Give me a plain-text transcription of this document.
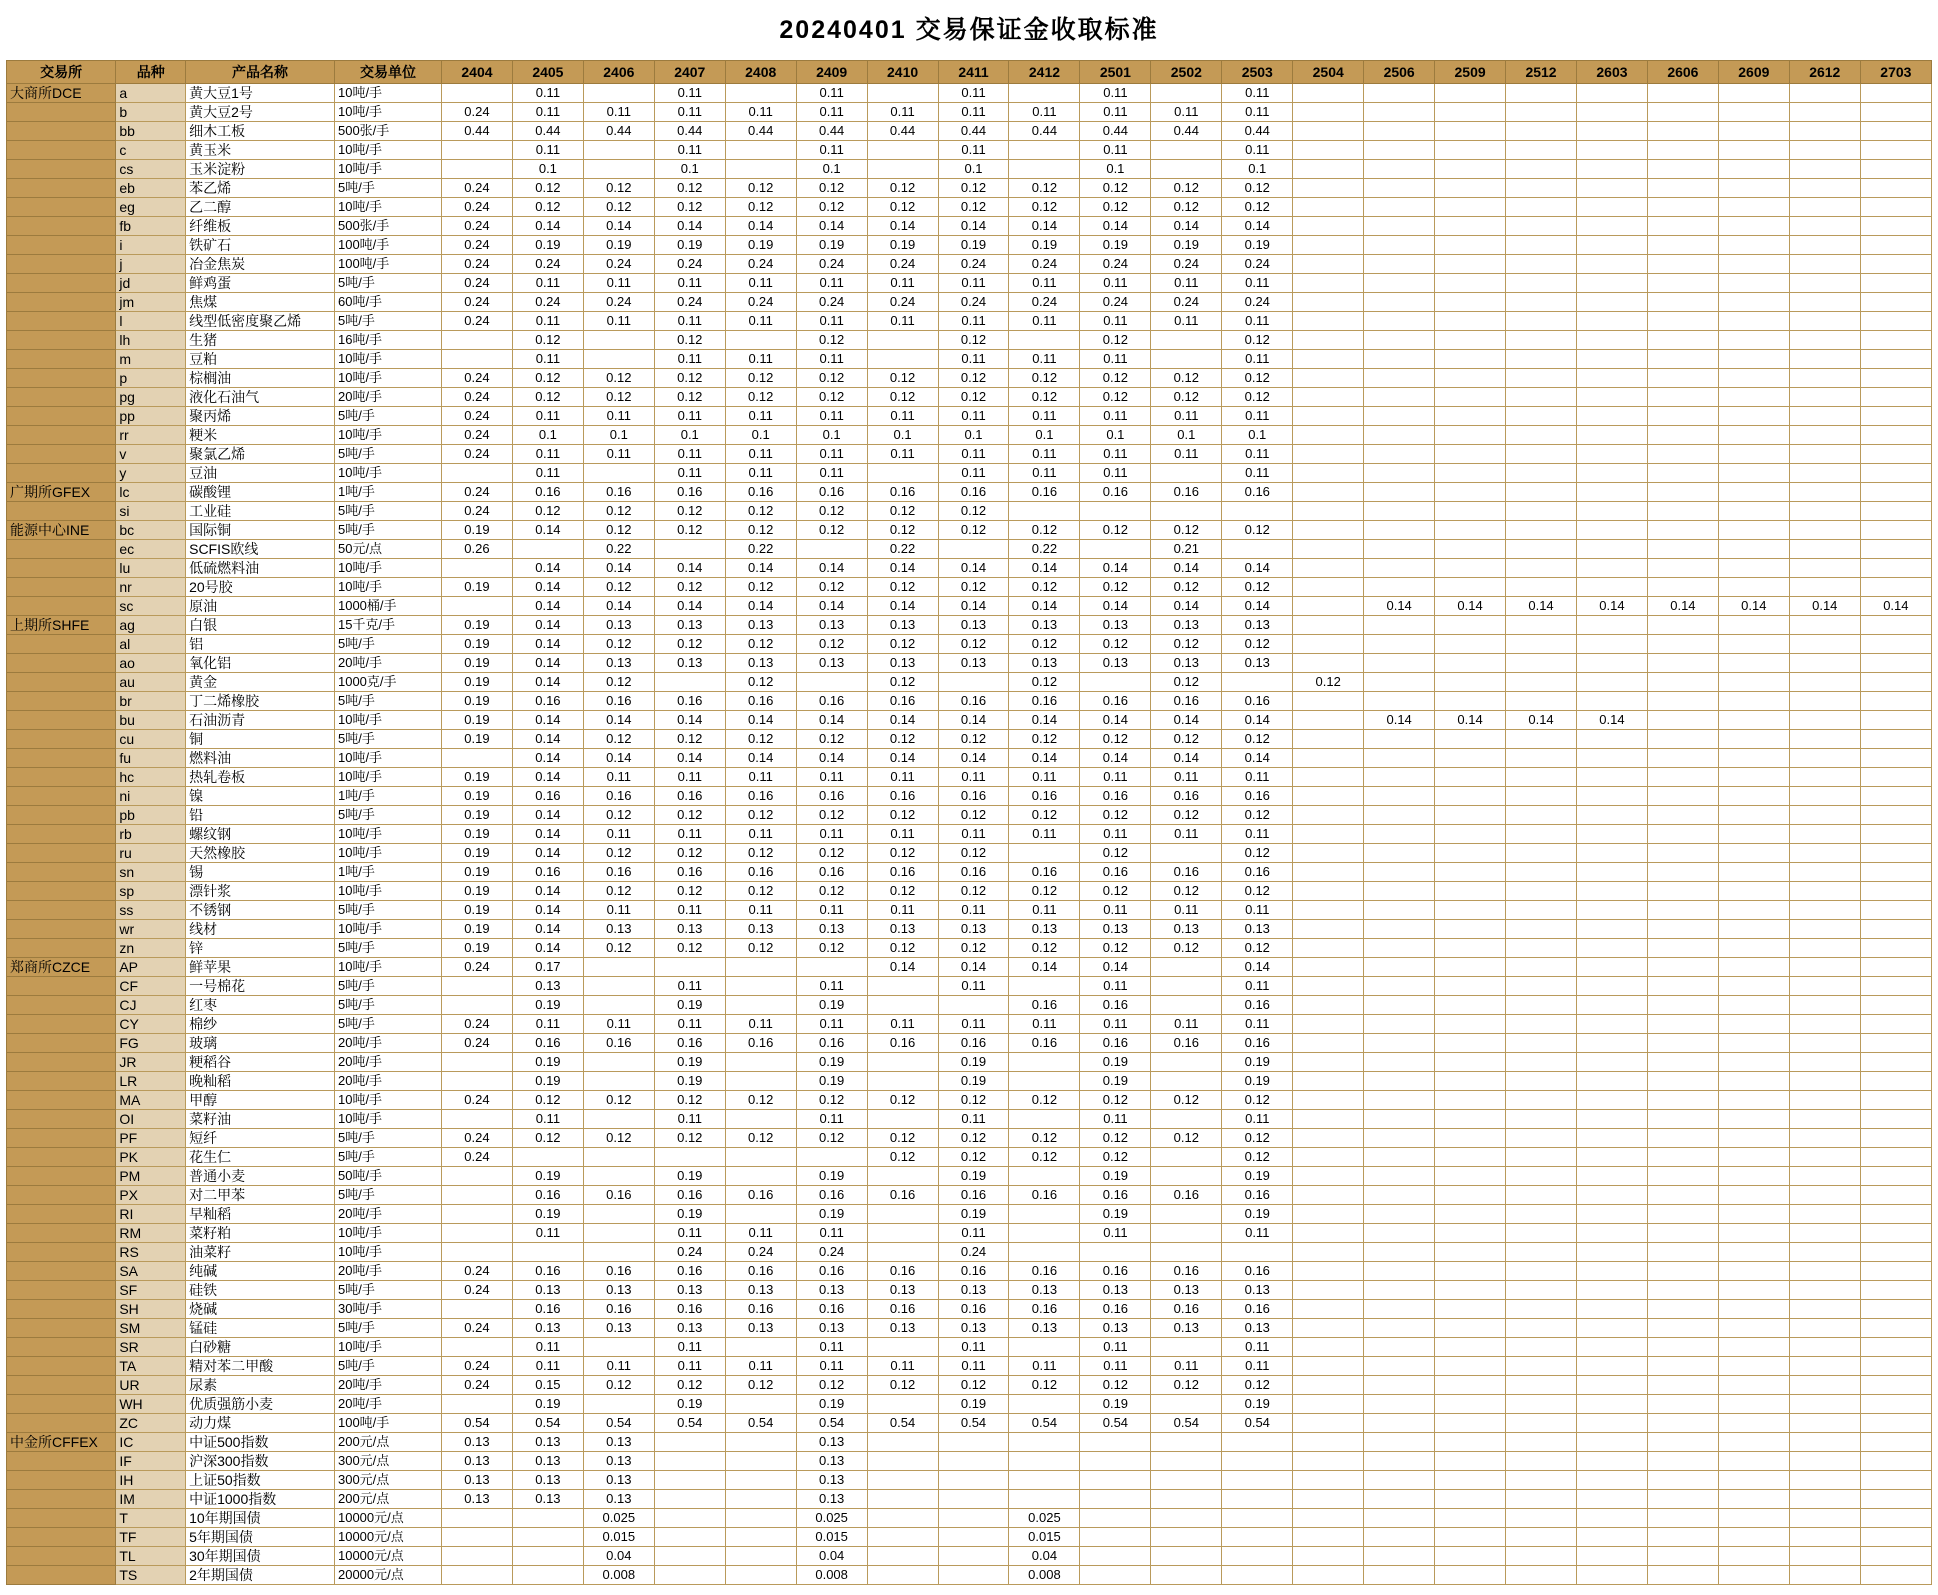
20240401 交易保证金收取标准
交易所	品种	产品名称	交易单位	2404	2405	2406	2407	2408	2409	2410	2411	2412	2501	2502	2503	2504	2506	2509	2512	2603	2606	2609	2612	2703
大商所DCE	a	黄大豆1号	10吨/手		0.11		0.11		0.11		0.11		0.11		0.11									
	b	黄大豆2号	10吨/手	0.24	0.11	0.11	0.11	0.11	0.11	0.11	0.11	0.11	0.11	0.11	0.11									
	bb	细木工板	500张/手	0.44	0.44	0.44	0.44	0.44	0.44	0.44	0.44	0.44	0.44	0.44	0.44									
	c	黄玉米	10吨/手		0.11		0.11		0.11		0.11		0.11		0.11									
	cs	玉米淀粉	10吨/手		0.1		0.1		0.1		0.1		0.1		0.1									
	eb	苯乙烯	5吨/手	0.24	0.12	0.12	0.12	0.12	0.12	0.12	0.12	0.12	0.12	0.12	0.12									
	eg	乙二醇	10吨/手	0.24	0.12	0.12	0.12	0.12	0.12	0.12	0.12	0.12	0.12	0.12	0.12									
	fb	纤维板	500张/手	0.24	0.14	0.14	0.14	0.14	0.14	0.14	0.14	0.14	0.14	0.14	0.14									
	i	铁矿石	100吨/手	0.24	0.19	0.19	0.19	0.19	0.19	0.19	0.19	0.19	0.19	0.19	0.19									
	j	冶金焦炭	100吨/手	0.24	0.24	0.24	0.24	0.24	0.24	0.24	0.24	0.24	0.24	0.24	0.24									
	jd	鲜鸡蛋	5吨/手	0.24	0.11	0.11	0.11	0.11	0.11	0.11	0.11	0.11	0.11	0.11	0.11									
	jm	焦煤	60吨/手	0.24	0.24	0.24	0.24	0.24	0.24	0.24	0.24	0.24	0.24	0.24	0.24									
	l	线型低密度聚乙烯	5吨/手	0.24	0.11	0.11	0.11	0.11	0.11	0.11	0.11	0.11	0.11	0.11	0.11									
	lh	生猪	16吨/手		0.12		0.12		0.12		0.12		0.12		0.12									
	m	豆粕	10吨/手		0.11		0.11	0.11	0.11		0.11	0.11	0.11		0.11									
	p	棕榈油	10吨/手	0.24	0.12	0.12	0.12	0.12	0.12	0.12	0.12	0.12	0.12	0.12	0.12									
	pg	液化石油气	20吨/手	0.24	0.12	0.12	0.12	0.12	0.12	0.12	0.12	0.12	0.12	0.12	0.12									
	pp	聚丙烯	5吨/手	0.24	0.11	0.11	0.11	0.11	0.11	0.11	0.11	0.11	0.11	0.11	0.11									
	rr	粳米	10吨/手	0.24	0.1	0.1	0.1	0.1	0.1	0.1	0.1	0.1	0.1	0.1	0.1									
	v	聚氯乙烯	5吨/手	0.24	0.11	0.11	0.11	0.11	0.11	0.11	0.11	0.11	0.11	0.11	0.11									
	y	豆油	10吨/手		0.11		0.11	0.11	0.11		0.11	0.11	0.11		0.11									
广期所GFEX	lc	碳酸锂	1吨/手	0.24	0.16	0.16	0.16	0.16	0.16	0.16	0.16	0.16	0.16	0.16	0.16									
	si	工业硅	5吨/手	0.24	0.12	0.12	0.12	0.12	0.12	0.12	0.12													
能源中心INE	bc	国际铜	5吨/手	0.19	0.14	0.12	0.12	0.12	0.12	0.12	0.12	0.12	0.12	0.12	0.12									
	ec	SCFIS欧线	50元/点	0.26		0.22		0.22		0.22		0.22		0.21										
	lu	低硫燃料油	10吨/手		0.14	0.14	0.14	0.14	0.14	0.14	0.14	0.14	0.14	0.14	0.14									
	nr	20号胶	10吨/手	0.19	0.14	0.12	0.12	0.12	0.12	0.12	0.12	0.12	0.12	0.12	0.12									
	sc	原油	1000桶/手		0.14	0.14	0.14	0.14	0.14	0.14	0.14	0.14	0.14	0.14	0.14		0.14	0.14	0.14	0.14	0.14	0.14	0.14	0.14
上期所SHFE	ag	白银	15千克/手	0.19	0.14	0.13	0.13	0.13	0.13	0.13	0.13	0.13	0.13	0.13	0.13									
	al	铝	5吨/手	0.19	0.14	0.12	0.12	0.12	0.12	0.12	0.12	0.12	0.12	0.12	0.12									
	ao	氧化铝	20吨/手	0.19	0.14	0.13	0.13	0.13	0.13	0.13	0.13	0.13	0.13	0.13	0.13									
	au	黄金	1000克/手	0.19	0.14	0.12		0.12		0.12		0.12		0.12		0.12								
	br	丁二烯橡胶	5吨/手	0.19	0.16	0.16	0.16	0.16	0.16	0.16	0.16	0.16	0.16	0.16	0.16									
	bu	石油沥青	10吨/手	0.19	0.14	0.14	0.14	0.14	0.14	0.14	0.14	0.14	0.14	0.14	0.14		0.14	0.14	0.14	0.14				
	cu	铜	5吨/手	0.19	0.14	0.12	0.12	0.12	0.12	0.12	0.12	0.12	0.12	0.12	0.12									
	fu	燃料油	10吨/手		0.14	0.14	0.14	0.14	0.14	0.14	0.14	0.14	0.14	0.14	0.14									
	hc	热轧卷板	10吨/手	0.19	0.14	0.11	0.11	0.11	0.11	0.11	0.11	0.11	0.11	0.11	0.11									
	ni	镍	1吨/手	0.19	0.16	0.16	0.16	0.16	0.16	0.16	0.16	0.16	0.16	0.16	0.16									
	pb	铅	5吨/手	0.19	0.14	0.12	0.12	0.12	0.12	0.12	0.12	0.12	0.12	0.12	0.12									
	rb	螺纹钢	10吨/手	0.19	0.14	0.11	0.11	0.11	0.11	0.11	0.11	0.11	0.11	0.11	0.11									
	ru	天然橡胶	10吨/手	0.19	0.14	0.12	0.12	0.12	0.12	0.12	0.12		0.12		0.12									
	sn	锡	1吨/手	0.19	0.16	0.16	0.16	0.16	0.16	0.16	0.16	0.16	0.16	0.16	0.16									
	sp	漂针浆	10吨/手	0.19	0.14	0.12	0.12	0.12	0.12	0.12	0.12	0.12	0.12	0.12	0.12									
	ss	不锈钢	5吨/手	0.19	0.14	0.11	0.11	0.11	0.11	0.11	0.11	0.11	0.11	0.11	0.11									
	wr	线材	10吨/手	0.19	0.14	0.13	0.13	0.13	0.13	0.13	0.13	0.13	0.13	0.13	0.13									
	zn	锌	5吨/手	0.19	0.14	0.12	0.12	0.12	0.12	0.12	0.12	0.12	0.12	0.12	0.12									
郑商所CZCE	AP	鲜苹果	10吨/手	0.24	0.17					0.14	0.14	0.14	0.14		0.14									
	CF	一号棉花	5吨/手		0.13		0.11		0.11		0.11		0.11		0.11									
	CJ	红枣	5吨/手		0.19		0.19		0.19			0.16	0.16		0.16									
	CY	棉纱	5吨/手	0.24	0.11	0.11	0.11	0.11	0.11	0.11	0.11	0.11	0.11	0.11	0.11									
	FG	玻璃	20吨/手	0.24	0.16	0.16	0.16	0.16	0.16	0.16	0.16	0.16	0.16	0.16	0.16									
	JR	粳稻谷	20吨/手		0.19		0.19		0.19		0.19		0.19		0.19									
	LR	晚籼稻	20吨/手		0.19		0.19		0.19		0.19		0.19		0.19									
	MA	甲醇	10吨/手	0.24	0.12	0.12	0.12	0.12	0.12	0.12	0.12	0.12	0.12	0.12	0.12									
	OI	菜籽油	10吨/手		0.11		0.11		0.11		0.11		0.11		0.11									
	PF	短纤	5吨/手	0.24	0.12	0.12	0.12	0.12	0.12	0.12	0.12	0.12	0.12	0.12	0.12									
	PK	花生仁	5吨/手	0.24						0.12	0.12	0.12	0.12		0.12									
	PM	普通小麦	50吨/手		0.19		0.19		0.19		0.19		0.19		0.19									
	PX	对二甲苯	5吨/手		0.16	0.16	0.16	0.16	0.16	0.16	0.16	0.16	0.16	0.16	0.16									
	RI	早籼稻	20吨/手		0.19		0.19		0.19		0.19		0.19		0.19									
	RM	菜籽粕	10吨/手		0.11		0.11	0.11	0.11		0.11		0.11		0.11									
	RS	油菜籽	10吨/手				0.24	0.24	0.24		0.24													
	SA	纯碱	20吨/手	0.24	0.16	0.16	0.16	0.16	0.16	0.16	0.16	0.16	0.16	0.16	0.16									
	SF	硅铁	5吨/手	0.24	0.13	0.13	0.13	0.13	0.13	0.13	0.13	0.13	0.13	0.13	0.13									
	SH	烧碱	30吨/手		0.16	0.16	0.16	0.16	0.16	0.16	0.16	0.16	0.16	0.16	0.16									
	SM	锰硅	5吨/手	0.24	0.13	0.13	0.13	0.13	0.13	0.13	0.13	0.13	0.13	0.13	0.13									
	SR	白砂糖	10吨/手		0.11		0.11		0.11		0.11		0.11		0.11									
	TA	精对苯二甲酸	5吨/手	0.24	0.11	0.11	0.11	0.11	0.11	0.11	0.11	0.11	0.11	0.11	0.11									
	UR	尿素	20吨/手	0.24	0.15	0.12	0.12	0.12	0.12	0.12	0.12	0.12	0.12	0.12	0.12									
	WH	优质强筋小麦	20吨/手		0.19		0.19		0.19		0.19		0.19		0.19									
	ZC	动力煤	100吨/手	0.54	0.54	0.54	0.54	0.54	0.54	0.54	0.54	0.54	0.54	0.54	0.54									
中金所CFFEX	IC	中证500指数	200元/点	0.13	0.13	0.13			0.13															
	IF	沪深300指数	300元/点	0.13	0.13	0.13			0.13															
	IH	上证50指数	300元/点	0.13	0.13	0.13			0.13															
	IM	中证1000指数	200元/点	0.13	0.13	0.13			0.13															
	T	10年期国债	10000元/点			0.025			0.025			0.025												
	TF	5年期国债	10000元/点			0.015			0.015			0.015												
	TL	30年期国债	10000元/点			0.04			0.04			0.04												
	TS	2年期国债	20000元/点			0.008			0.008			0.008												
